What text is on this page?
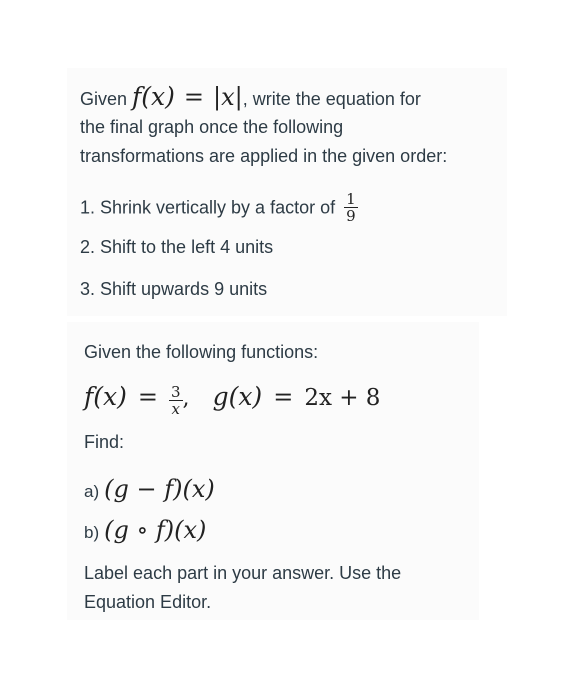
Given f(x) = |x|, write the equation for
the final graph once the following
transformations are applied in the given order:
1. Shrink vertically by a factor of $\frac{1}{9}$
2. Shift to the left 4 units
3. Shift upwards 9 units
Given the following functions:
$f(x) = \frac{3}{x}$ , g(x) = 2x + 8
Find:
a) (g − f)(x)
b) (g ∘ f)(x)
Label each part in your answer. Use the
Equation Editor.
